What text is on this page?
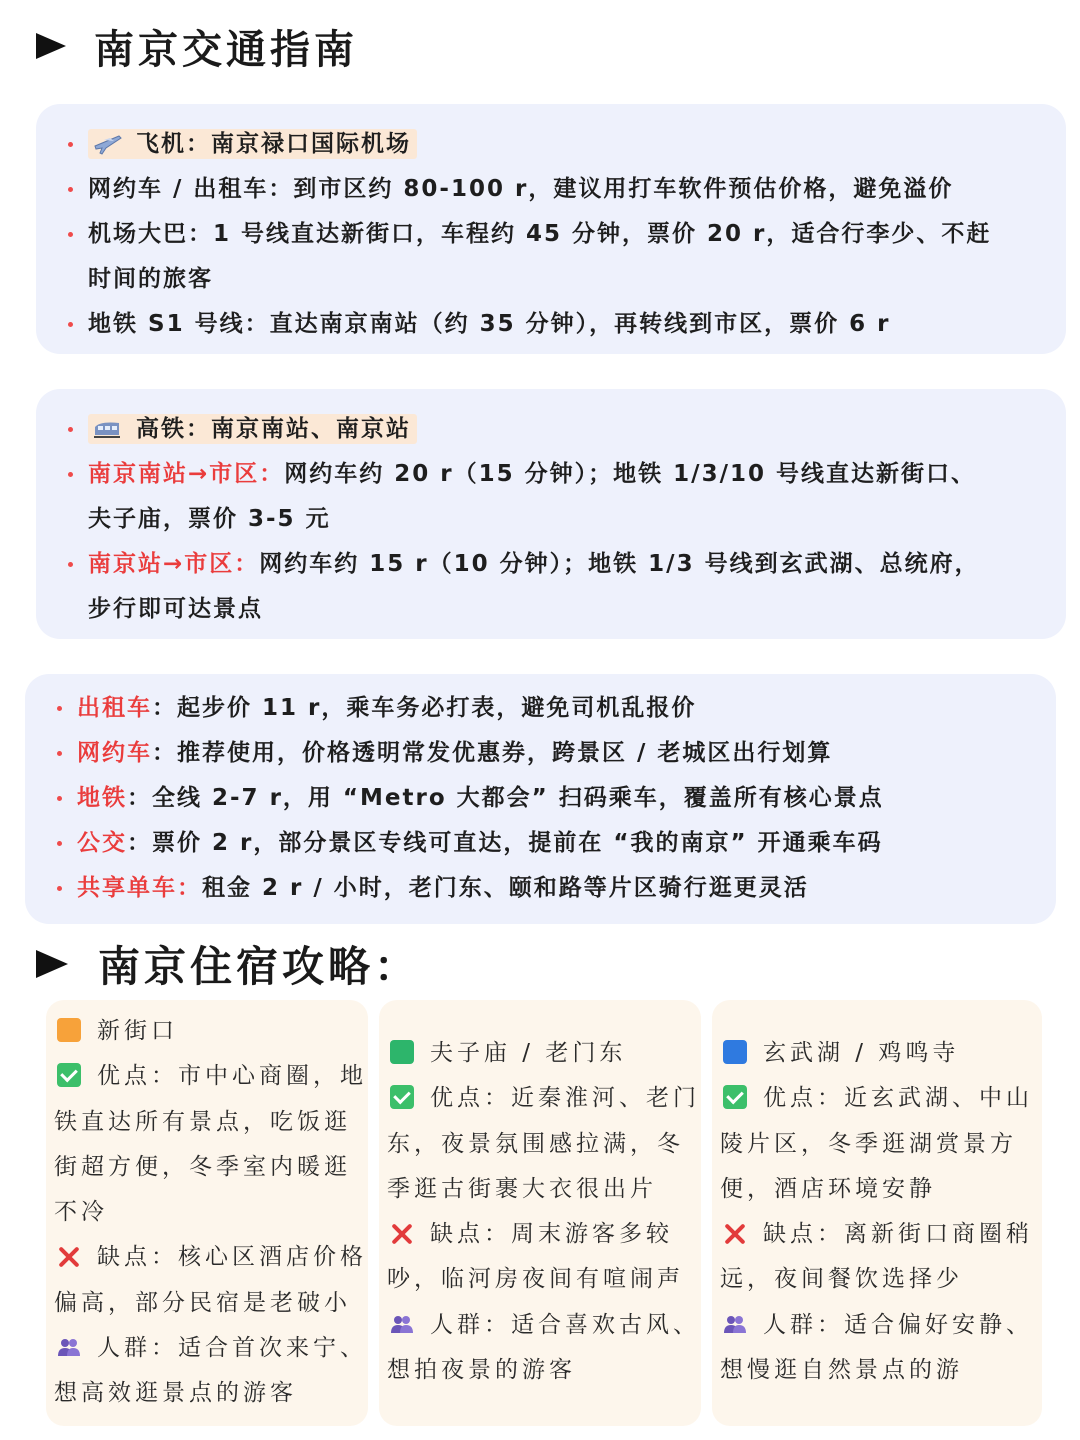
南京交通指南
飞机：南京禄口国际机场
网约车 / 出租车：到市区约 80-100 r，建议用打车软件预估价格，避免溢价
机场大巴：1 号线直达新街口，车程约 45 分钟，票价 20 r，适合行李少、不赶
时间的旅客
地铁 S1 号线：直达南京南站（约 35 分钟），再转线到市区，票价 6 r
高铁：南京南站、南京站
南京南站→市区：网约车约 20 r（15 分钟）；地铁 1/3/10 号线直达新街口、
夫子庙，票价 3-5 元
南京站→市区：网约车约 15 r（10 分钟）；地铁 1/3 号线到玄武湖、总统府，
步行即可达景点
出租车：起步价 11 r，乘车务必打表，避免司机乱报价
网约车：推荐使用，价格透明常发优惠券，跨景区 / 老城区出行划算
地铁：全线 2-7 r，用 “Metro 大都会” 扫码乘车，覆盖所有核心景点
公交：票价 2 r，部分景区专线可直达，提前在 “我的南京” 开通乘车码
共享单车：租金 2 r / 小时，老门东、颐和路等片区骑行逛更灵活
南京住宿攻略：
新街口
优点：市中心商圈，地
铁直达所有景点，吃饭逛
街超方便，冬季室内暖逛
不冷
缺点：核心区酒店价格
偏高，部分民宿是老破小
人群：适合首次来宁、
想高效逛景点的游客
夫子庙 / 老门东
优点：近秦淮河、老门
东，夜景氛围感拉满，冬
季逛古街裹大衣很出片
缺点：周末游客多较
吵，临河房夜间有喧闹声
人群：适合喜欢古风、
想拍夜景的游客
玄武湖 / 鸡鸣寺
优点：近玄武湖、中山
陵片区，冬季逛湖赏景方
便，酒店环境安静
缺点：离新街口商圈稍
远，夜间餐饮选择少
人群：适合偏好安静、
想慢逛自然景点的游
